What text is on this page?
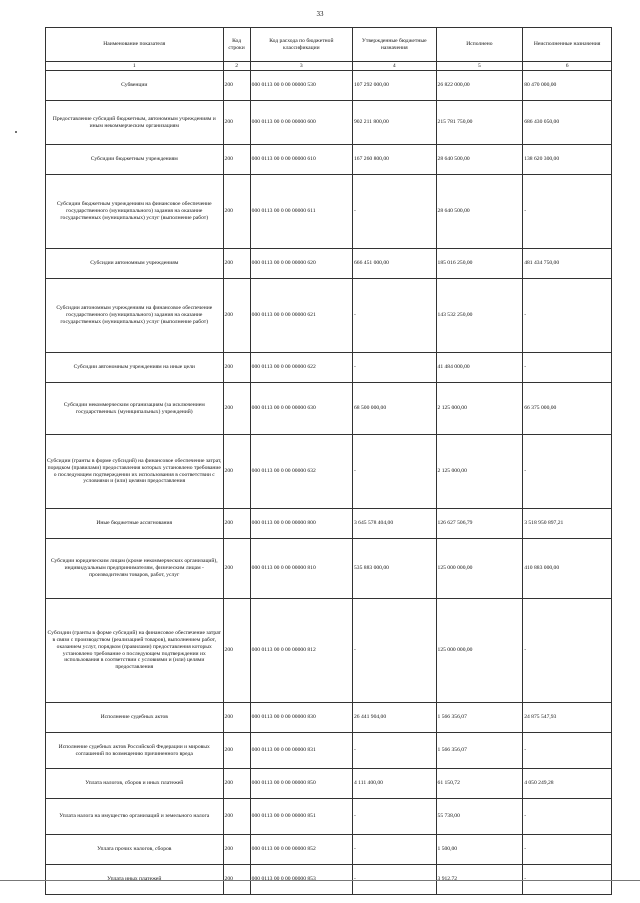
33
Наименование показателя	Код строки	Код расхода по бюджетной классификации	Утвержденные бюджетные назначения	Исполнено	Неисполненные назначения
1	2	3	4	5	6
Субвенции	200	000 0113 00 0 00 00000 530	107 292 000,00	26 822 000,00	80 470 000,00
Предоставление субсидий бюджетным, автономным учреждениям и иным некоммерческим организациям	200	000 0113 00 0 00 00000 600	902 211 800,00	215 781 750,00	686 430 050,00
Субсидии бюджетным учреждениям	200	000 0113 00 0 00 00000 610	167 260 800,00	28 640 500,00	138 620 300,00
Субсидии бюджетным учреждениям на финансовое обеспечение государственного (муниципального) задания на оказание государственных (муниципальных) услуг (выполнение работ)	200	000 0113 00 0 00 00000 611	-	28 640 500,00	-
Субсидии автономным учреждениям	200	000 0113 00 0 00 00000 620	666 451 000,00	185 016 250,00	481 434 750,00
Субсидии автономным учреждениям на финансовое обеспечение государственного (муниципального) задания на оказание государственных (муниципальных) услуг (выполнение работ)	200	000 0113 00 0 00 00000 621	-	143 532 250,00	-
Субсидии автономным учреждениям на иные цели	200	000 0113 00 0 00 00000 622	-	41 484 000,00	-
Субсидии некоммерческим организациям (за исключением государственных (муниципальных) учреждений)	200	000 0113 00 0 00 00000 630	68 500 000,00	2 125 000,00	66 375 000,00
Субсидии (гранты в форме субсидий) на финансовое обеспечение затрат, порядком (правилами) предоставления которых установлено требование о последующем подтверждении их использования в соответствии с условиями и (или) целями предоставления	200	000 0113 00 0 00 00000 632	-	2 125 000,00	-
Иные бюджетные ассигнования	200	000 0113 00 0 00 00000 800	3 645 578 404,00	126 627 506,79	3 518 950 897,21
Субсидии юридическим лицам (кроме некоммерческих организаций), индивидуальным предпринимателям, физическим лицам - производителям товаров, работ, услуг	200	000 0113 00 0 00 00000 810	535 883 000,00	125 000 000,00	410 883 000,00
Субсидии (гранты в форме субсидий) на финансовое обеспечение затрат в связи с производством (реализацией товаров), выполнением работ, оказанием услуг, порядком (правилами) предоставления которых установлено требование о последующем подтверждении их использования в соответствии с условиями и (или) целями предоставления	200	000 0113 00 0 00 00000 812	-	125 000 000,00	-
Исполнение судебных актов	200	000 0113 00 0 00 00000 830	26 441 904,00	1 566 356,07	24 875 547,93
Исполнение судебных актов Российской Федерации и мировых соглашений по возмещению причиненного вреда	200	000 0113 00 0 00 00000 831	-	1 566 356,07	-
Уплата налогов, сборов и иных платежей	200	000 0113 00 0 00 00000 850	4 111 400,00	61 150,72	4 050 249,28
Уплата налога на имущество организаций и земельного налога	200	000 0113 00 0 00 00000 851	-	55 738,00	-
Уплата прочих налогов, сборов	200	000 0113 00 0 00 00000 852	-	1 500,00	-
Уплата иных платежей	200	000 0113 00 0 00 00000 853	-	3 912,72	-
